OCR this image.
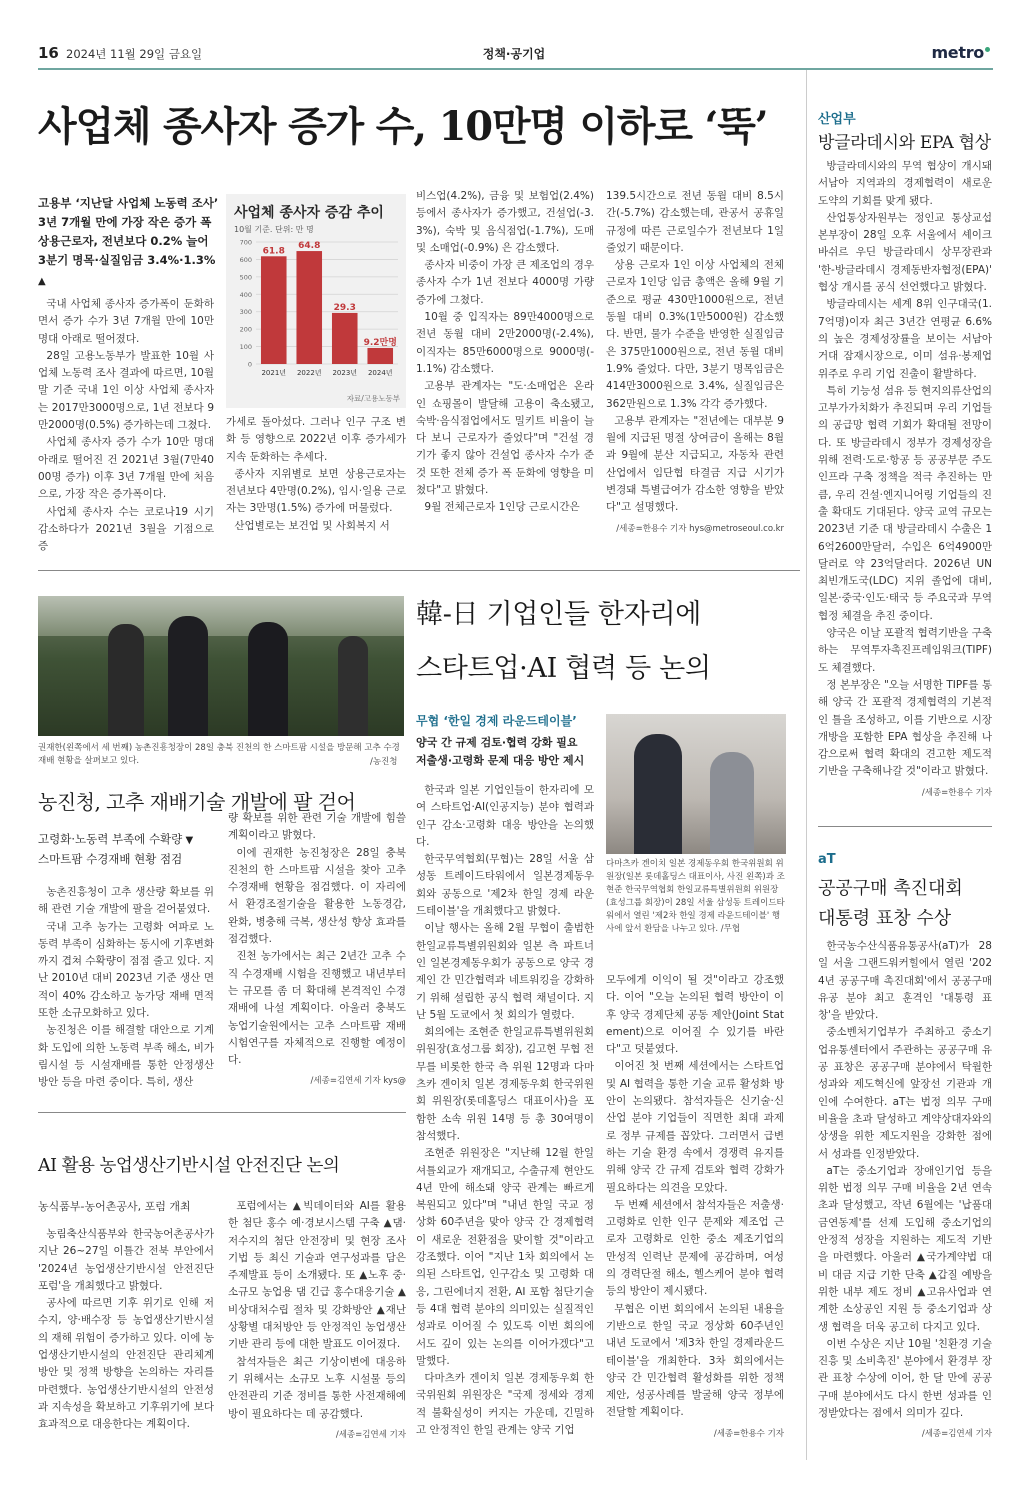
16 2024년 11월 29일 금요일	정책·공기업	metro
사업체 종사자 증가 수, 10만명 이하로 ‘뚝’
고용부 ‘지난달 사업체 노동력 조사’
3년 7개월 만에 가장 작은 증가 폭
상용근로자, 전년보다 0.2% 늘어
3분기 명목·실질임금 3.4%·1.3% ▲

국내 사업체 종사자 증가폭이 둔화하면서 증가 수가 3년 7개월 만에 10만명대 아래로 떨어졌다.

28일 고용노동부가 발표한 10월 사업체 노동력 조사 결과에 따르면, 10월말 기준 국내 1인 이상 사업체 종사자는 2017만3000명으로, 1년 전보다 9만2000명(0.5%) 증가하는데 그쳤다.

사업체 종사자 증가 수가 10만 명대 아래로 떨어진 건 2021년 3월(7만4000명 증가) 이후 3년 7개월 만에 처음으로, 가장 작은 증가폭이다.

사업체 종사자 수는 코로나19 시기 감소하다가 2021년 3월을 기점으로 증

사업체 종사자 증감 추이
10월 기준. 단위: 만 명
0
100
200
300
400
500
600
700
61.8
2021년
64.8
2022년
29.3
2023년
9.2만명
2024년
자료/고용노동부

가세로 돌아섰다. 그러나 인구 구조 변화 등 영향으로 2022년 이후 증가세가 지속 둔화하는 추세다.

종사자 지위별로 보면 상용근로자는 전년보다 4만명(0.2%), 임시·일용 근로자는 3만명(1.5%) 증가에 머물렀다.

산업별로는 보건업 및 사회복지 서

비스업(4.2%), 금융 및 보험업(2.4%) 등에서 종사자가 증가했고, 건설업(-3.3%), 숙박 및 음식점업(-1.7%), 도매 및 소매업(-0.9%) 은 감소했다.

종사자 비중이 가장 큰 제조업의 경우 종사자 수가 1년 전보다 4000명 가량 증가에 그쳤다.

10월 중 입직자는 89만4000명으로 전년 동월 대비 2만2000명(-2.4%), 이직자는 85만6000명으로 9000명(-1.1%) 감소했다.

고용부 관계자는 "도·소매업은 온라인 쇼핑몰이 발달해 고용이 축소됐고, 숙박·음식점업에서도 밀키트 비율이 늘다 보니 근로자가 줄었다"며 "건설 경기가 좋지 않아 건설업 종사자 수가 준 것 또한 전체 증가 폭 둔화에 영향을 미쳤다"고 밝혔다.

9월 전체근로자 1인당 근로시간은

139.5시간으로 전년 동월 대비 8.5시간(-5.7%) 감소했는데, 관공서 공휴일 규정에 따른 근로일수가 전년보다 1일 줄었기 때문이다.

상용 근로자 1인 이상 사업체의 전체 근로자 1인당 임금 총액은 올해 9월 기준으로 평균 430만1000원으로, 전년 동월 대비 0.3%(1만5000원) 감소했다. 반면, 물가 수준을 반영한 실질임금은 375만1000원으로, 전년 동월 대비 1.9% 줄었다. 다만, 3분기 명목임금은 414만3000원으로 3.4%, 실질임금은 362만원으로 1.3% 각각 증가했다.

고용부 관계자는 "전년에는 대부분 9월에 지급된 명절 상여금이 올해는 8월과 9월에 분산 지급되고, 자동차 관련 산업에서 임단협 타결금 지급 시기가 변경돼 특별급여가 감소한 영향을 받았다"고 설명했다.

/세종=한용수 기자 hys@metroseoul.co.kr
권재한(왼쪽에서 세 번째) 농촌진흥청장이 28일 충북 진천의 한 스마트팜 시설을 방문해 고추 수경재배 현황을 살펴보고 있다.	/농진청
농진청, 고추 재배기술 개발에 팔 걷어
고령화·노동력 부족에 수확량 ▼
스마트팜 수경재배 현황 점검

농촌진흥청이 고추 생산량 확보를 위해 관련 기술 개발에 팔을 걷어붙였다.

국내 고추 농가는 고령화 여파로 노동력 부족이 심화하는 동시에 기후변화까지 겹쳐 수확량이 점점 줄고 있다. 지난 2010년 대비 2023년 기준 생산 면적이 40% 감소하고 농가당 재배 면적 또한 소규모화하고 있다.

농진청은 이를 해결할 대안으로 기계화 도입에 의한 노동력 부족 해소, 비가림시설 등 시설재배를 통한 안정생산 방안 등을 마련 중이다. 특히, 생산

량 확보를 위한 관련 기술 개발에 힘쓸 계획이라고 밝혔다.

이에 권재한 농진청장은 28일 충북 진천의 한 스마트팜 시설을 찾아 고추 수경재배 현황을 점검했다. 이 자리에서 환경조절기술을 활용한 노동경감, 완화, 병충해 극복, 생산성 향상 효과를 점검했다.

진천 농가에서는 최근 2년간 고추 수직 수경재배 시험을 진행했고 내년부터는 규모를 좀 더 확대해 본격적인 수경재배에 나설 계획이다. 아울러 충북도농업기술원에서는 고추 스마트팜 재배 시험연구를 자체적으로 진행할 예정이다.

/세종=김연세 기자 kys@
AI 활용 농업생산기반시설 안전진단 논의
농식품부-농어촌공사, 포럼 개최

농림축산식품부와 한국농어촌공사가 지난 26~27일 이틀간 전북 부안에서 '2024년 농업생산기반시설 안전진단 포럼'을 개최했다고 밝혔다.

공사에 따르면 기후 위기로 인해 저수지, 양·배수장 등 농업생산기반시설의 재해 위험이 증가하고 있다. 이에 농업생산기반시설의 안전진단 관리체계 방안 및 정책 방향을 논의하는 자리를 마련했다. 농업생산기반시설의 안전성과 지속성을 확보하고 기후위기에 보다 효과적으로 대응한다는 계획이다.

포럼에서는 ▲빅데이터와 AI를 활용한 첨단 홍수 예·경보시스템 구축 ▲댐·저수지의 첨단 안전장비 및 현장 조사 기법 등 최신 기술과 연구성과를 담은 주제발표 등이 소개됐다. 또 ▲노후 중·소규모 농업용 댐 긴급 홍수대응기술 ▲비상대처수립 절차 및 강화방안 ▲재난 상황별 대처방안 등 안정적인 농업생산기반 관리 등에 대한 발표도 이어졌다.

참석자들은 최근 기상이변에 대응하기 위해서는 소규모 노후 시설물 등의 안전관리 기준 정비를 통한 사전재해예방이 필요하다는 데 공감했다.

/세종=김연세 기자
韓-日 기업인들 한자리에
스타트업·AI 협력 등 논의
무협 ‘한일 경제 라운드테이블’
양국 간 규제 검토·협력 강화 필요
저출생·고령화 문제 대응 방안 제시

한국과 일본 기업인들이 한자리에 모여 스타트업·AI(인공지능) 분야 협력과 인구 감소·고령화 대응 방안을 논의했다.

한국무역협회(무협)는 28일 서울 삼성동 트레이드타워에서 일본경제동우회와 공동으로 '제2차 한일 경제 라운드테이블'을 개최했다고 밝혔다.

이날 행사는 올해 2월 무협이 출범한 한일교류특별위원회와 일본 측 파트너인 일본경제동우회가 공동으로 양국 경제인 간 민간협력과 네트워킹을 강화하기 위해 설립한 공식 협력 채널이다. 지난 5월 도쿄에서 첫 회의가 열렸다.

회의에는 조현준 한일교류특별위원회 위원장(효성그룹 회장), 김고현 무협 전무를 비롯한 한국 측 위원 12명과 다마츠카 겐이치 일본 경제동우회 한국위원회 위원장(롯데홀딩스 대표이사)을 포함한 소속 위원 14명 등 총 30여명이 참석했다.

조현준 위원장은 "지난해 12월 한일 셔틀외교가 재개되고, 수출규제 현안도 4년 만에 해소돼 양국 관계는 빠르게 복원되고 있다"며 "내년 한일 국교 정상화 60주년을 맞아 양국 간 경제협력이 새로운 전환점을 맞이할 것"이라고 강조했다. 이어 "지난 1차 회의에서 논의된 스타트업, 인구감소 및 고령화 대응, 그린에너지 전환, AI 포함 첨단기술 등 4대 협력 분야의 의미있는 실질적인 성과로 이어질 수 있도록 이번 회의에서도 깊이 있는 논의를 이어가겠다"고 말했다.

다마츠카 겐이치 일본 경제동우회 한국위원회 위원장은 "국제 정세와 경제적 불확실성이 커지는 가운데, 긴밀하고 안정적인 한일 관계는 양국 기업

다마츠카 겐이치 일본 경제동우회 한국위원회 위원장(일본 롯데홀딩스 대표이사, 사진 왼쪽)과 조현준 한국무역협회 한일교류특별위원회 위원장(효성그룹 회장)이 28일 서울 삼성동 트레이드타워에서 열린 '제2차 한일 경제 라운드테이블' 행사에 앞서 환담을 나누고 있다. /무협

모두에게 이익이 될 것"이라고 강조했다. 이어 "오늘 논의된 협력 방안이 이후 양국 경제단체 공동 제안(Joint Statement)으로 이어질 수 있기를 바란다"고 덧붙였다.

이어진 첫 번째 세션에서는 스타트업 및 AI 협력을 통한 기술 교류 활성화 방안이 논의됐다. 참석자들은 신기술·신산업 분야 기업들이 직면한 최대 과제로 정부 규제를 꼽았다. 그러면서 급변하는 기술 환경 속에서 경쟁력 유지를 위해 양국 간 규제 검토와 협력 강화가 필요하다는 의견을 모았다.

두 번째 세션에서 참석자들은 저출생·고령화로 인한 인구 문제와 제조업 근로자 고령화로 인한 중소 제조기업의 만성적 인력난 문제에 공감하며, 여성의 경력단절 해소, 헬스케어 분야 협력 등의 방안이 제시됐다.

무협은 이번 회의에서 논의된 내용을 기반으로 한일 국교 정상화 60주년인 내년 도쿄에서 '제3차 한일 경제라운드테이블'을 개최한다. 3차 회의에서는 양국 간 민간협력 활성화를 위한 정책제안, 성공사례를 발굴해 양국 정부에 전달할 계획이다.

/세종=한용수 기자
산업부
방글라데시와 EPA 협상

방글라데시와의 무역 협상이 개시돼 서남아 지역과의 경제협력이 새로운 도약의 기회를 맞게 됐다.

산업통상자원부는 정인교 통상교섭본부장이 28일 오후 서울에서 셰이크 바쉬르 우딘 방글라데시 상무장관과 '한-방글라데시 경제동반자협정(EPA)' 협상 개시를 공식 선언했다고 밝혔다.

방글라데시는 세계 8위 인구대국(1.7억명)이자 최근 3년간 연평균 6.6%의 높은 경제성장률을 보이는 서남아 거대 잠재시장으로, 이미 섬유·봉제업 위주로 우리 기업 진출이 활발하다.

특히 기능성 섬유 등 현지의류산업의 고부가가치화가 추진되며 우리 기업들의 공급망 협력 기회가 확대될 전망이다. 또 방글라데시 정부가 경제성장을 위해 전력·도로·항공 등 공공부문 주도 인프라 구축 정책을 적극 추진하는 만큼, 우리 건설·엔지니어링 기업들의 진출 확대도 기대된다. 양국 교역 규모는 2023년 기준 대 방글라데시 수출은 16억2600만달러, 수입은 6억4900만달러로 약 23억달러다. 2026년 UN 최빈개도국(LDC) 지위 졸업에 대비, 일본·중국·인도·태국 등 주요국과 무역협정 체결을 추진 중이다.

양국은 이날 포괄적 협력기반을 구축하는 무역투자촉진프레임워크(TIPF)도 체결했다.

정 본부장은 "오늘 서명한 TIPF를 통해 양국 간 포괄적 경제협력의 기본적인 틀을 조성하고, 이를 기반으로 시장개방을 포함한 EPA 협상을 추진해 나감으로써 협력 확대의 견고한 제도적 기반을 구축해나갈 것"이라고 밝혔다.

/세종=한용수 기자
aT
공공구매 촉진대회
대통령 표창 수상

한국농수산식품유통공사(aT)가 28일 서울 그랜드워커힐에서 열린 '2024년 공공구매 촉진대회'에서 공공구매 유공 분야 최고 훈격인 '대통령 표창'을 받았다.

중소벤처기업부가 주최하고 중소기업유통센터에서 주관하는 공공구매 유공 표창은 공공구매 분야에서 탁월한 성과와 제도혁신에 앞장선 기관과 개인에 수여한다. aT는 법정 의무 구매 비율을 초과 달성하고 계약상대자와의 상생을 위한 제도지원을 강화한 점에서 성과를 인정받았다.

aT는 중소기업과 장애인기업 등을 위한 법정 의무 구매 비율을 2년 연속 초과 달성했고, 작년 6월에는 '납품대금연동제'를 선제 도입해 중소기업의 안정적 성장을 지원하는 제도적 기반을 마련했다. 아울러 ▲국가계약법 대비 대금 지급 기한 단축 ▲갑질 예방을 위한 내부 제도 정비 ▲고유사업과 연계한 소상공인 지원 등 중소기업과 상생 협력을 더욱 공고히 다지고 있다.

이번 수상은 지난 10월 '친환경 기술 진흥 및 소비촉진' 분야에서 환경부 장관 표창 수상에 이어, 한 달 만에 공공구매 분야에서도 다시 한번 성과를 인정받았다는 점에서 의미가 깊다.

/세종=김연세 기자
